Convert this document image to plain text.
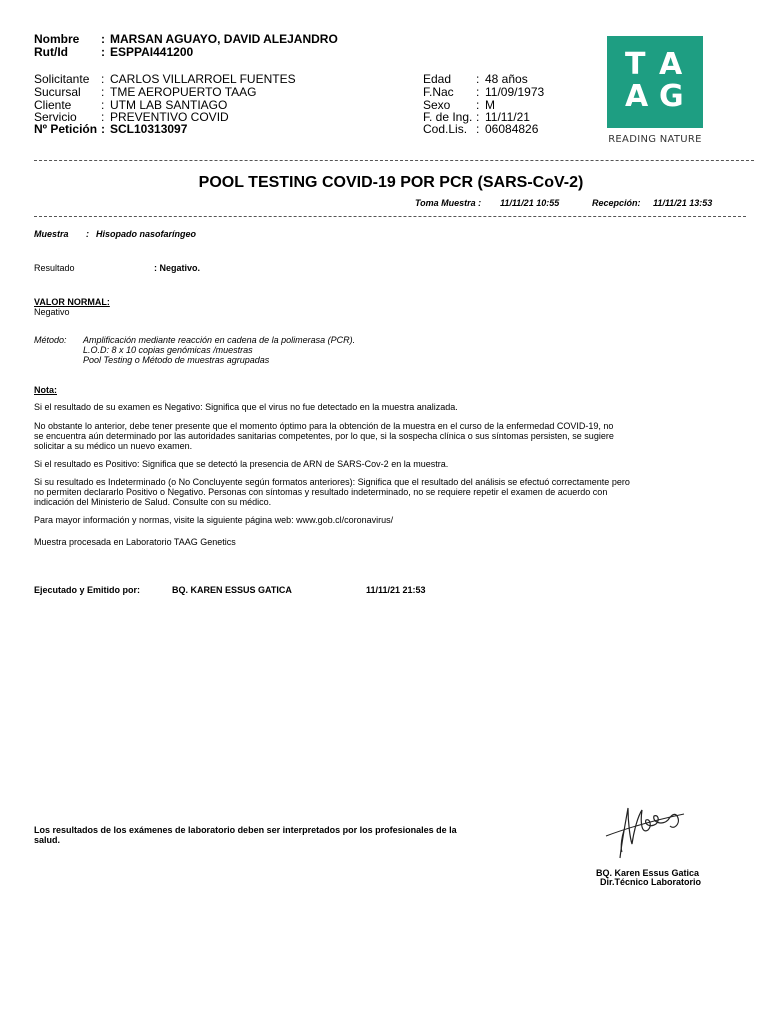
Nombre : MARSAN AGUAYO, DAVID ALEJANDRO
Rut/Id	: ESPPAI441200
Solicitante : CARLOS VILLARROEL FUENTES
Sucursal : TME AEROPUERTO TAAG
Cliente : UTM LAB SANTIAGO
Servicio : PREVENTIVO COVID
Nº Petición : SCL10313097
Edad : 48 años
F.Nac : 11/09/1973
Sexo : M
F. de Ing. : 11/11/21
Cod.Lis. : 06084826
T A
A G
READING NATURE
POOL TESTING COVID-19 POR PCR (SARS-CoV-2)
Toma Muestra : 11/11/21 10:55	Recepción: 11/11/21 13:53
Muestra : Hisopado nasofaríngeo
Resultado	: Negativo.
VALOR NORMAL:
Negativo
Método: Amplificación mediante reacción en cadena de la polimerasa (PCR).
L.O.D: 8 x 10 copias genómicas /muestras
Pool Testing o Método de muestras agrupadas
Nota:
Si el resultado de su examen es Negativo: Significa que el virus no fue detectado en la muestra analizada.
No obstante lo anterior, debe tener presente que el momento óptimo para la obtención de la muestra en el curso de la enfermedad COVID-19, no
se encuentra aún determinado por las autoridades sanitarias competentes, por lo que, si la sospecha clínica o sus síntomas persisten, se sugiere
solicitar a su médico un nuevo examen.
Si el resultado es Positivo: Significa que se detectó la presencia de ARN de SARS-Cov-2 en la muestra.
Si su resultado es Indeterminado (o No Concluyente según formatos anteriores): Significa que el resultado del análisis se efectuó correctamente pero
no permiten declararlo Positivo o Negativo. Personas con síntomas y resultado indeterminado, no se requiere repetir el examen de acuerdo con
indicación del Ministerio de Salud. Consulte con su médico.
Para mayor información y normas, visite la siguiente página web: www.gob.cl/coronavirus/
Muestra procesada en Laboratorio TAAG Genetics
Ejecutado y Emitido por:	BQ. KAREN ESSUS GATICA	11/11/21 21:53
Los resultados de los exámenes de laboratorio deben ser interpretados por los profesionales de la
salud.
BQ. Karen Essus Gatica
Dir.Técnico Laboratorio
